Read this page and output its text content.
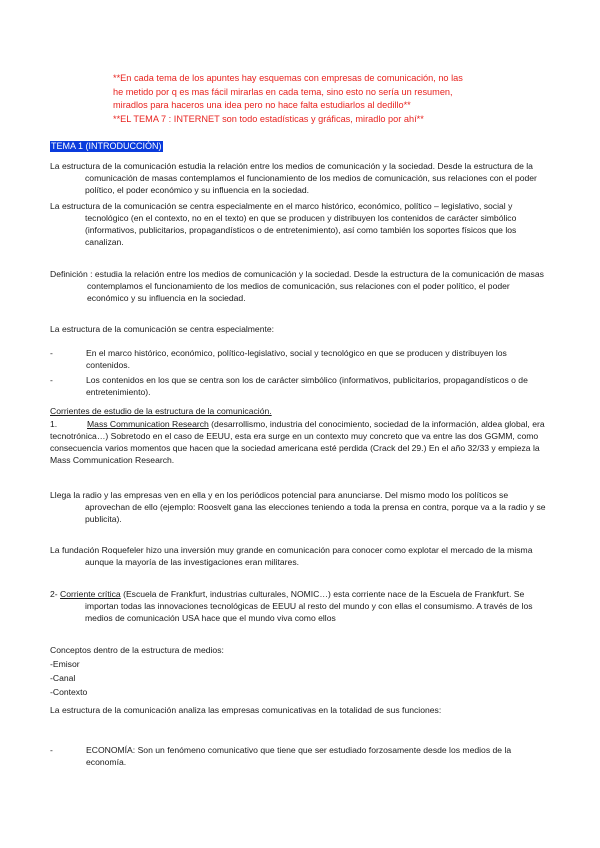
**En cada tema de los apuntes hay esquemas con empresas de comunicación, no las

he metido por q es mas fácil mirarlas en cada tema, sino esto no sería un resumen,

miradlos para haceros una idea pero no hace falta estudiarlos al dedillo**

**EL TEMA 7 : INTERNET son todo estadísticas y gráficas, miradlo por ahí**

TEMA 1 (INTRODUCCIÓN)

La estructura de la comunicación estudia la relación entre los medios de comunicación y la sociedad. Desde la estructura de la comunicación de masas contemplamos el funcionamiento de los medios de comunicación, sus relaciones con el poder político, el poder económico y su influencia en la sociedad.

La estructura de la comunicación se centra especialmente en el marco histórico, económico, político – legislativo, social y tecnológico (en el contexto, no en el texto) en que se producen y distribuyen los contenidos de carácter simbólico (informativos, publicitarios, propagandísticos o de entretenimiento), así como también los soportes físicos que los canalizan.

Definición : estudia la relación entre los medios de comunicación y la sociedad. Desde la estructura de la comunicación de masas contemplamos el funcionamiento de los medios de comunicación, sus relaciones con el poder político, el poder económico y su influencia en la sociedad.

La estructura de la comunicación se centra especialmente:

-	En el marco histórico, económico, político-legislativo, social y tecnológico en que se producen y distribuyen los contenidos.
-	Los contenidos en los que se centra son los de carácter simbólico (informativos, publicitarios, propagandísticos o de entretenimiento).

Corrientes de estudio de la estructura de la comunicación.

1.	Mass Communication Research (desarrollismo, industria del conocimiento, sociedad de la información, aldea global, era tecnotrónica…) Sobretodo en el caso de EEUU, esta era surge en un contexto muy concreto que va entre las dos GGMM, como consecuencia varios momentos que hacen que la sociedad americana esté perdida (Crack del 29.) En el año 32/33 y empieza la Mass Communication Research.

Llega la radio y las empresas ven en ella y en los periódicos potencial para anunciarse. Del mismo modo los políticos se aprovechan de ello (ejemplo: Roosvelt gana las elecciones teniendo a toda la prensa en contra, porque va a la radio y se publicita).

La fundación Roquefeler hizo una inversión muy grande en comunicación para conocer como explotar el mercado de la misma aunque la mayoría de las investigaciones eran militares.

2- Corriente crítica (Escuela de Frankfurt, industrias culturales, NOMIC…) esta corriente nace de la Escuela de Frankfurt. Se importan todas las innovaciones tecnológicas de EEUU al resto del mundo y con ellas el consumismo. A través de los medios de comunicación USA hace que el mundo viva como ellos

Conceptos dentro de la estructura de medios:

-Emisor

-Canal

-Contexto

La estructura de la comunicación analiza las empresas comunicativas en la totalidad de sus funciones:

-	ECONOMÍA: Son un fenómeno comunicativo que tiene que ser estudiado forzosamente desde los medios de la economía.
